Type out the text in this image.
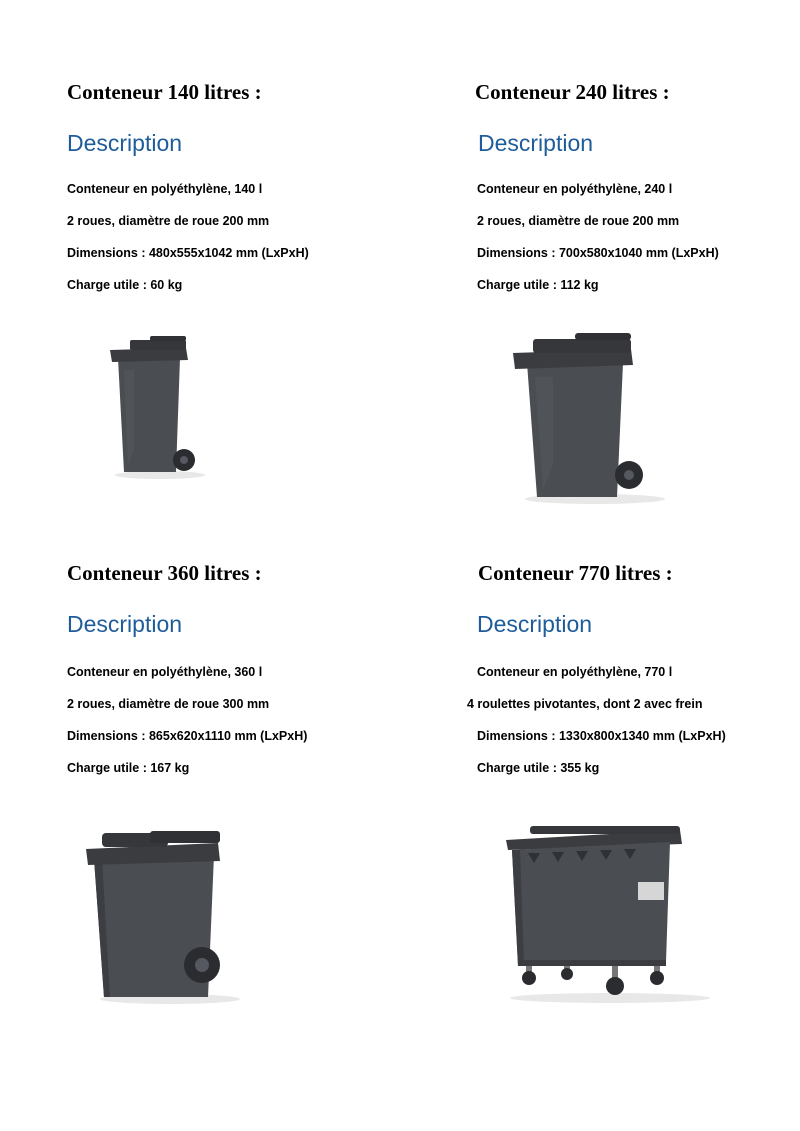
Conteneur 140 litres :
Description
Conteneur en polyéthylène, 140 l
2 roues, diamètre de roue 200 mm
Dimensions : 480x555x1042 mm (LxPxH)
Charge utile : 60 kg
Conteneur 240 litres :
Description
Conteneur en polyéthylène, 240 l
2 roues, diamètre de roue 200 mm
Dimensions : 700x580x1040 mm (LxPxH)
Charge utile : 112 kg
Conteneur 360 litres :
Description
Conteneur en polyéthylène, 360 l
2 roues, diamètre de roue 300 mm
Dimensions : 865x620x1110 mm (LxPxH)
Charge utile : 167 kg
Conteneur 770 litres :
Description
Conteneur en polyéthylène, 770 l
4 roulettes pivotantes, dont 2 avec frein
Dimensions : 1330x800x1340 mm (LxPxH)
Charge utile : 355 kg
